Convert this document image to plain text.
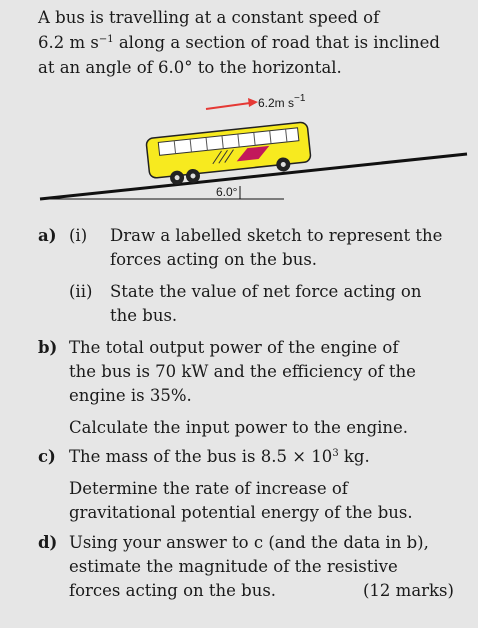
A bus is travelling at a constant speed of
6.2 m $s^{-1}$ along a section of road that is inclined
at an angle of 6.0° to the horizontal.
6.2m $s^{-1}$
6.0°
a) (i) Draw a labelled sketch to represent the
forces acting on the bus.
(ii) State the value of net force acting on
the bus.
b) The total output power of the engine of
the bus is 70 kW and the efficiency of the
engine is 35%.
Calculate the input power to the engine.
c) The mass of the bus is $8.5 \times 10^3$ kg.
Determine the rate of increase of
gravitational potential energy of the bus.
d) Using your answer to c (and the data in b),
estimate the magnitude of the resistive
forces acting on the bus.	(12 marks)
